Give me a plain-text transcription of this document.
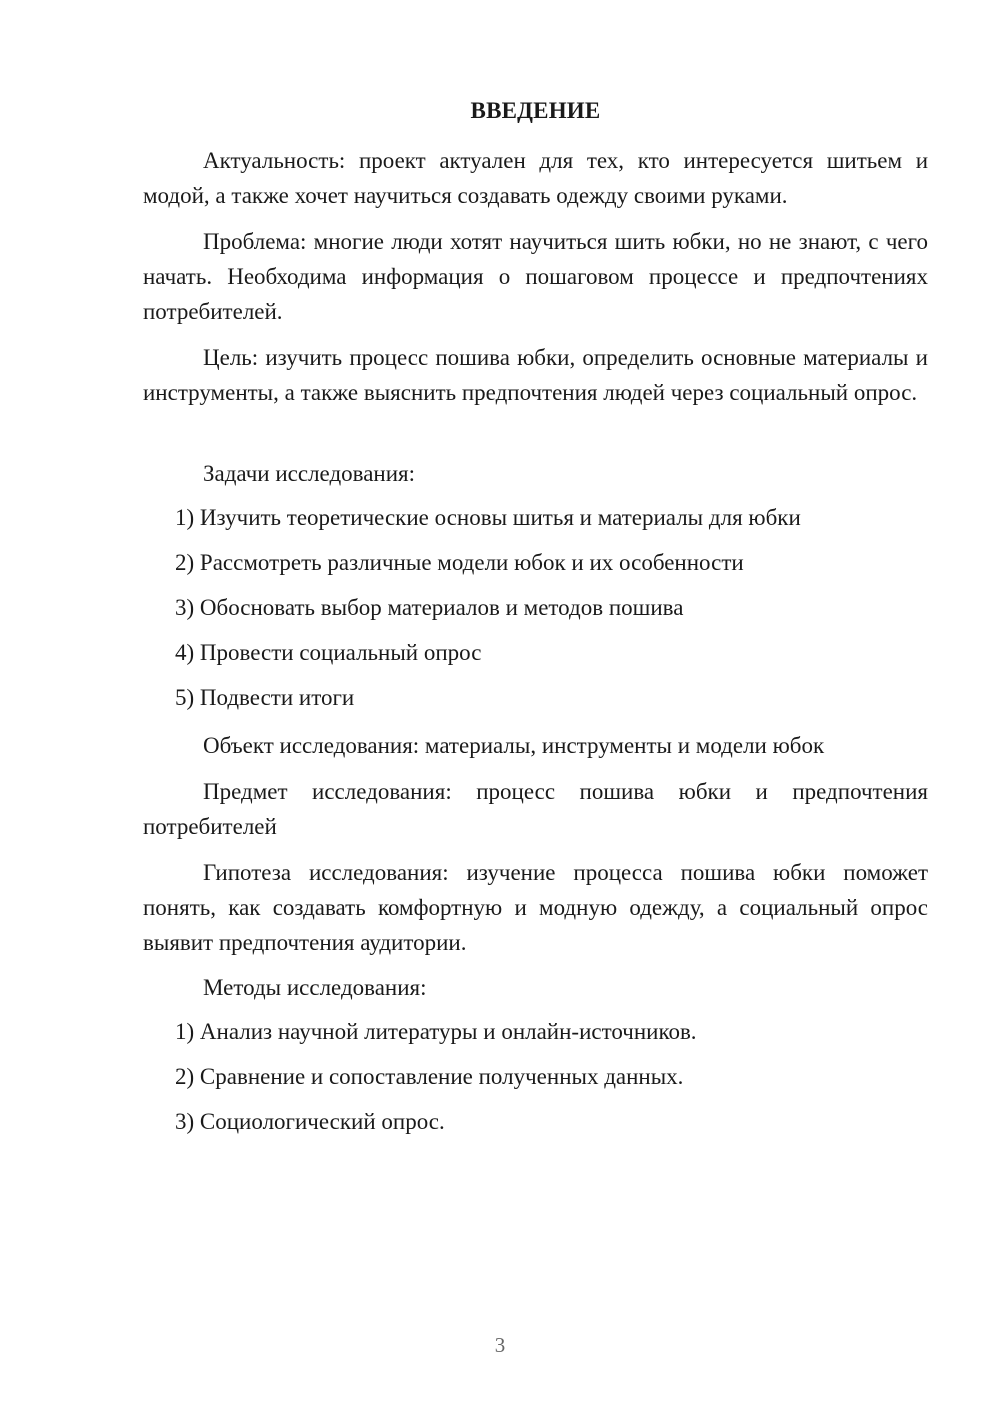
ВВЕДЕНИЕ

Актуальность: проект актуален для тех, кто интересуется шитьем и модой, а также хочет научиться создавать одежду своими руками.

Проблема: многие люди хотят научиться шить юбки, но не знают, с чего начать. Необходима информация о пошаговом процессе и предпочтениях потребителей.

Цель: изучить процесс пошива юбки, определить основные материалы и инструменты, а также выяснить предпочтения людей через социальный опрос.

Задачи исследования:

1) Изучить теоретические основы шитья и материалы для юбки

2) Рассмотреть различные модели юбок и их особенности

3) Обосновать выбор материалов и методов пошива

4) Провести социальный опрос

5) Подвести итоги

Объект исследования: материалы, инструменты и модели юбок

Предмет исследования: процесс пошива юбки и предпочтения потребителей

Гипотеза исследования: изучение процесса пошива юбки поможет понять, как создавать комфортную и модную одежду, а социальный опрос выявит предпочтения аудитории.

Методы исследования:

1) Анализ научной литературы и онлайн-источников.

2) Сравнение и сопоставление полученных данных.

3) Социологический опрос.

3
